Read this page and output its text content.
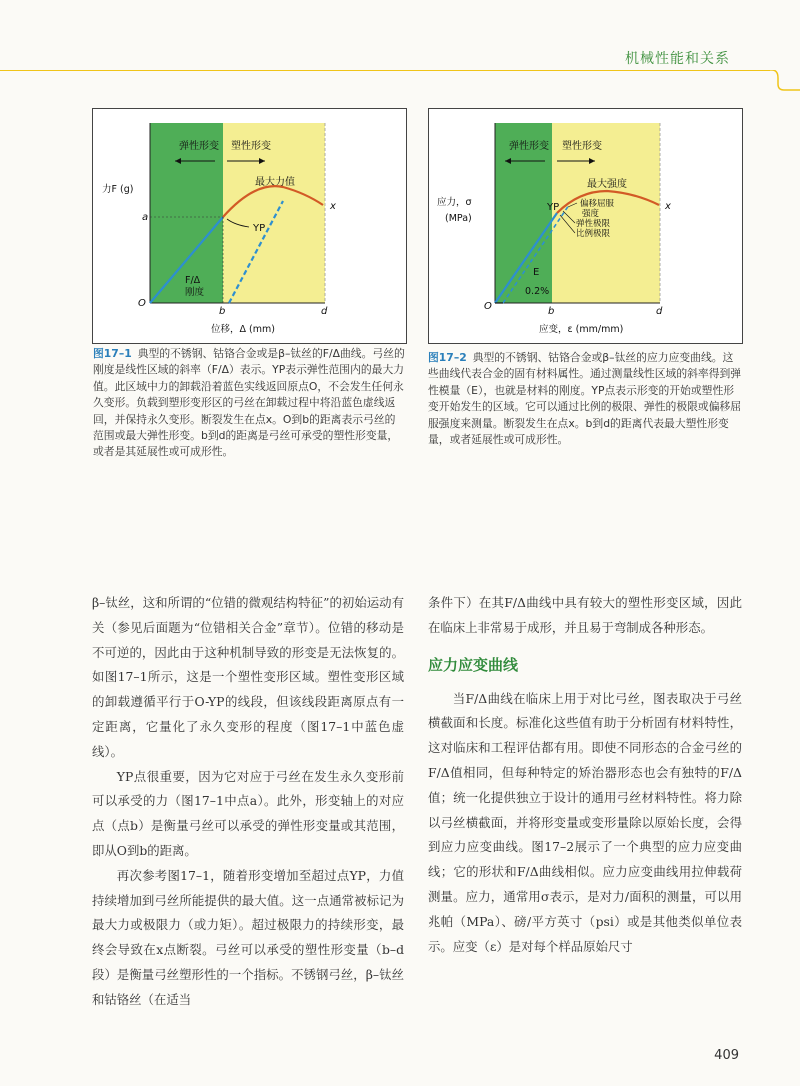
机械性能和关系
弹性形变 塑性形变
力F (g)
最大力值
YP
x
a
O
b	d
F/Δ
刚度
位移，Δ (mm)
图17–1 典型的不锈钢、钴铬合金或是β–钛丝的F/Δ曲线。弓丝的刚度是线性区域的斜率（F/Δ）表示。YP表示弹性范围内的最大力值。此区域中力的卸载沿着蓝色实线返回原点O，不会发生任何永久变形。负载到塑形变形区的弓丝在卸载过程中将沿蓝色虚线返回，并保持永久变形。断裂发生在点x。O到b的距离表示弓丝的范围或最大弹性形变。b到d的距离是弓丝可承受的塑性形变量，或者是其延展性或可成形性。
弹性形变 塑性形变
应力，σ
(MPa)
最大强度
YP 偏移屈服
强度
弹性极限
比例极限
x
O	b	d
E
0.2%
应变，ε (mm/mm)
图17–2 典型的不锈钢、钴铬合金或β–钛丝的应力应变曲线。这些曲线代表合金的固有材料属性。通过测量线性区域的斜率得到弹性模量（E），也就是材料的刚度。YP点表示形变的开始或塑性形变开始发生的区域。它可以通过比例的极限、弹性的极限或偏移屈服强度来测量。断裂发生在点x。b到d的距离代表最大塑性形变量，或者延展性或可成形性。

β–钛丝，这和所谓的“位错的微观结构特征”的初始运动有关（参见后面题为“位错相关合金”章节）。位错的移动是不可逆的，因此由于这种机制导致的形变是无法恢复的。如图17–1所示，这是一个塑性变形区域。塑性变形区域的卸载遵循平行于O-YP的线段，但该线段距离原点有一定距离，它量化了永久变形的程度（图17–1中蓝色虚线）。

YP点很重要，因为它对应于弓丝在发生永久变形前可以承受的力（图17–1中点a）。此外，形变轴上的对应点（点b）是衡量弓丝可以承受的弹性形变量或其范围，即从O到b的距离。

再次参考图17–1，随着形变增加至超过点YP，力值持续增加到弓丝所能提供的最大值。这一点通常被标记为最大力或极限力（或力矩）。超过极限力的持续形变，最终会导致在x点断裂。弓丝可以承受的塑性形变量（b–d段）是衡量弓丝塑形性的一个指标。不锈钢弓丝，β–钛丝和钴铬丝（在适当

条件下）在其F/Δ曲线中具有较大的塑性形变区域，因此在临床上非常易于成形，并且易于弯制成各种形态。

应力应变曲线

当F/Δ曲线在临床上用于对比弓丝，图表取决于弓丝横截面和长度。标准化这些值有助于分析固有材料特性，这对临床和工程评估都有用。即使不同形态的合金弓丝的F/Δ值相同，但每种特定的矫治器形态也会有独特的F/Δ值；统一化提供独立于设计的通用弓丝材料特性。将力除以弓丝横截面，并将形变量或变形量除以原始长度，会得到应力应变曲线。图17–2展示了一个典型的应力应变曲线；它的形状和F/Δ曲线相似。应力应变曲线用拉伸载荷测量。应力，通常用σ表示，是对力/面积的测量，可以用兆帕（MPa）、磅/平方英寸（psi）或是其他类似单位表示。应变（ε）是对每个样品原始尺寸

409
